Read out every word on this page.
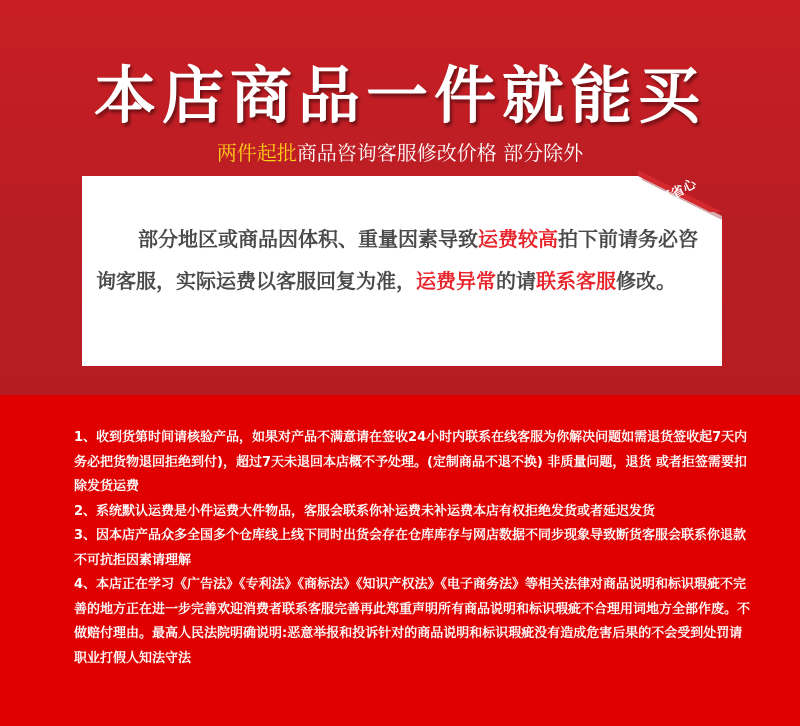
本店商品一件就能买
两件起批商品咨询客服修改价格 部分除外
更省心
部分地区或商品因体积、重量因素导致运费较高拍下前请务必咨询客服，实际运费以客服回复为准，运费异常的请联系客服修改。

1、收到货第时间请核验产品，如果对产品不满意请在签收24小时内联系在线客服为你解决问题如需退货签收起7天内务必把货物退回拒绝到付)，超过7天未退回本店概不予处理。(定制商品不退不换) 非质量问题，退货 或者拒签需要扣除发货运费

2、系统默认运费是小件运费大件物品，客服会联系你补运费未补运费本店有权拒绝发货或者延迟发货

3、因本店产品众多全国多个仓库线上线下同时出货会存在仓库库存与网店数据不同步现象导致断货客服会联系你退款不可抗拒因素请理解

4、本店正在学习《广告法》《专利法》《商标法》《知识产权法》《电子商务法》等相关法律对商品说明和标识瑕疵不完善的地方正在进一步完善欢迎消费者联系客服完善再此郑重声明所有商品说明和标识瑕疵不合理用词地方全部作废。不做赔付理由。最高人民法院明确说明:恶意举报和投诉针对的商品说明和标识瑕疵没有造成危害后果的不会受到处罚请职业打假人知法守法
